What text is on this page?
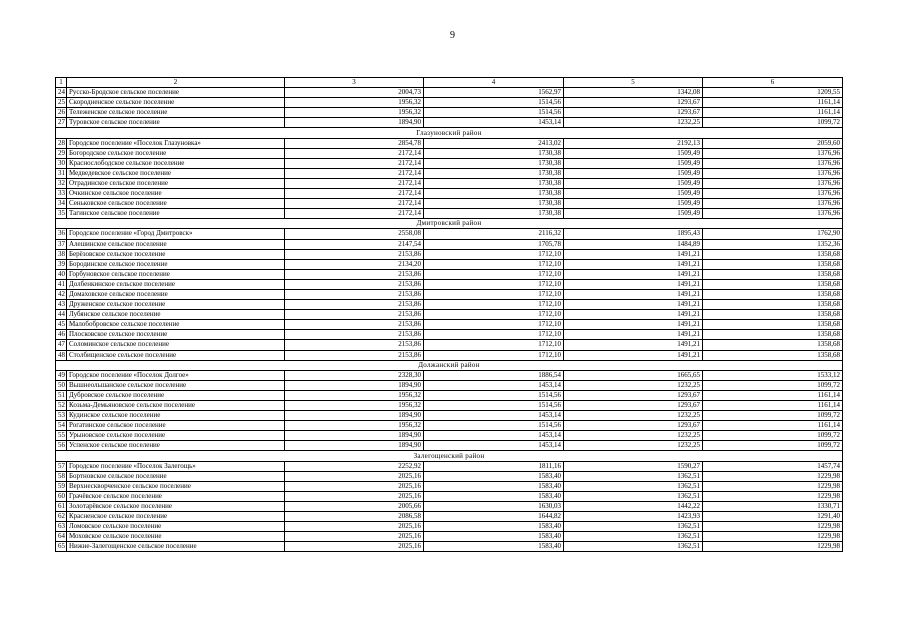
9
1	2	3	4	5	6
24	Русско-Бродское сельское поселение	2004,73	1562,97	1342,08	1209,55
25	Скородненское сельское поселение	1956,32	1514,56	1293,67	1161,14
26	Тележенское сельское поселение	1956,32	1514,56	1293,67	1161,14
27	Туровское сельское поселение	1894,90	1453,14	1232,25	1099,72
Глазуновский район					
28	Городское поселение «Поселок Глазуновка»	2854,78	2413,02	2192,13	2059,60
29	Богородское сельское поселение	2172,14	1730,38	1509,49	1376,96
30	Краснослободское сельское поселение	2172,14	1730,38	1509,49	1376,96
31	Медведевское сельское поселение	2172,14	1730,38	1509,49	1376,96
32	Отрадинское сельское поселение	2172,14	1730,38	1509,49	1376,96
33	Очкинское сельское поселение	2172,14	1730,38	1509,49	1376,96
34	Сеньковское сельское поселение	2172,14	1730,38	1509,49	1376,96
35	Тагинское сельское поселение	2172,14	1730,38	1509,49	1376,96
Дмитровский район					
36	Городское поселение «Город Дмитровск»	2558,08	2116,32	1895,43	1762,90
37	Алешинское сельское поселение	2147,54	1705,78	1484,89	1352,36
38	Берёзовское сельское поселение	2153,86	1712,10	1491,21	1358,68
39	Бородинское сельское поселение	2134,20	1712,10	1491,21	1358,68
40	Горбуновское сельское поселение	2153,86	1712,10	1491,21	1358,68
41	Долбенкинское сельское поселение	2153,86	1712,10	1491,21	1358,68
42	Домаховское сельское поселение	2153,86	1712,10	1491,21	1358,68
43	Друженское сельское поселение	2153,86	1712,10	1491,21	1358,68
44	Лубянское сельское поселение	2153,86	1712,10	1491,21	1358,68
45	Малобобровское сельское поселение	2153,86	1712,10	1491,21	1358,68
46	Плосковское сельское поселение	2153,86	1712,10	1491,21	1358,68
47	Соломинское сельское поселение	2153,86	1712,10	1491,21	1358,68
48	Столбищенское сельское поселение	2153,86	1712,10	1491,21	1358,68
Должанский район					
49	Городское поселение «Поселок Долгое»	2328,30	1886,54	1665,65	1533,12
50	Вышнеольшанское сельское поселение	1894,90	1453,14	1232,25	1099,72
51	Дубровское сельское поселение	1956,32	1514,56	1293,67	1161,14
52	Козьма-Демьяновское сельское поселение	1956,32	1514,56	1293,67	1161,14
53	Кудинское сельское поселение	1894,90	1453,14	1232,25	1099,72
54	Рогатинское сельское поселение	1956,32	1514,56	1293,67	1161,14
55	Урыновское сельское поселение	1894,90	1453,14	1232,25	1099,72
56	Успенское сельское поселение	1894,90	1453,14	1232,25	1099,72
Залегощенский район					
57	Городское поселение «Поселок Залегощь»	2252,92	1811,16	1590,27	1457,74
58	Бортновское сельское поселение	2025,16	1583,40	1362,51	1229,98
59	Верхнескворченское сельское поселение	2025,16	1583,40	1362,51	1229,98
60	Грачёвское сельское поселение	2025,16	1583,40	1362,51	1229,98
61	Золотарёвское сельское поселение	2005,66	1630,03	1442,22	1330,71
62	Красненское сельское поселение	2086,58	1644,82	1423,93	1291,40
63	Ломовское сельское поселение	2025,16	1583,40	1362,51	1229,98
64	Моховское сельское поселение	2025,16	1583,40	1362,51	1229,98
65	Нижне-Залегощенское сельское поселение	2025,16	1583,40	1362,51	1229,98
